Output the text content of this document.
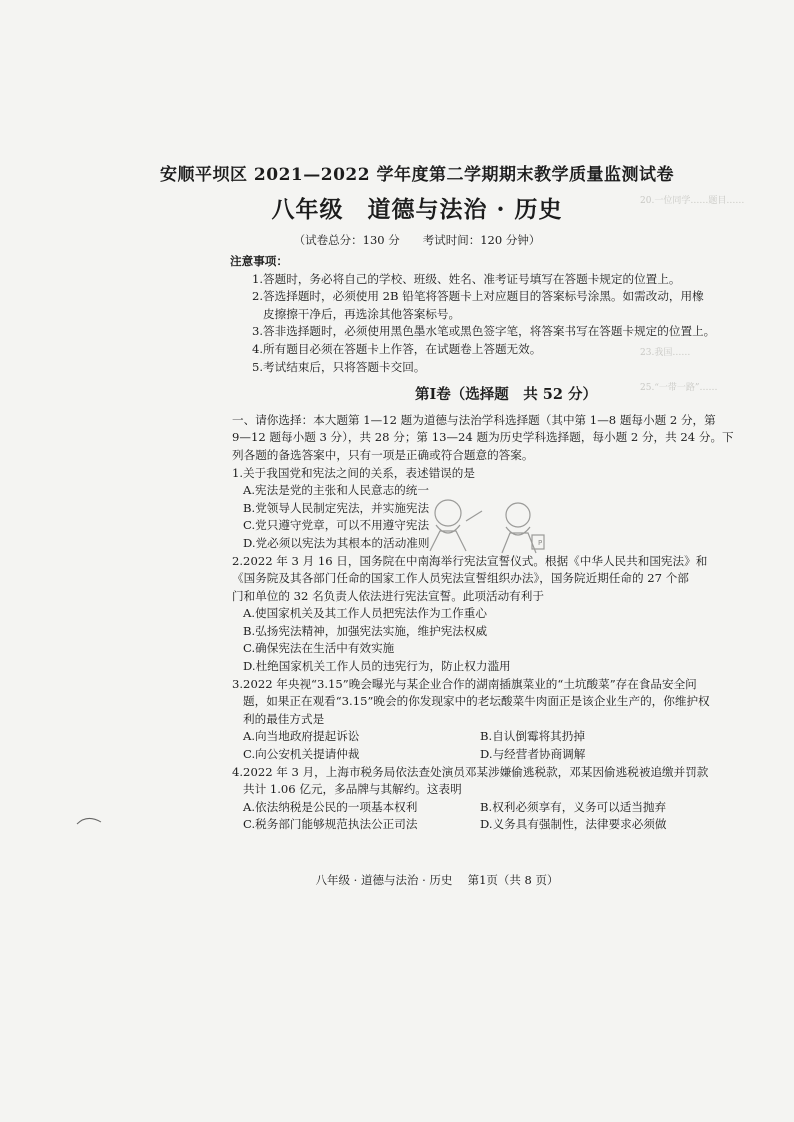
安顺平坝区 2021—2022 学年度第二学期期末教学质量监测试卷
八年级　道德与法治 · 历史
（试卷总分：130 分　　考试时间：120 分钟）
注意事项：
1.答题时，务必将自己的学校、班级、姓名、准考证号填写在答题卡规定的位置上。
2.答选择题时，必须使用 2B 铅笔将答题卡上对应题目的答案标号涂黑。如需改动，用橡
皮擦擦干净后，再选涂其他答案标号。
3.答非选择题时，必须使用黑色墨水笔或黑色签字笔，将答案书写在答题卡规定的位置上。
4.所有题目必须在答题卡上作答，在试题卷上答题无效。
5.考试结束后，只将答题卡交回。
第Ⅰ卷（选择题　共 52 分）
一、请你选择：本大题第 1—12 题为道德与法治学科选择题（其中第 1—8 题每小题 2 分，第
9—12 题每小题 3 分），共 28 分；第 13—24 题为历史学科选择题，每小题 2 分，共 24 分。下
列各题的备选答案中，只有一项是正确或符合题意的答案。
1.关于我国党和宪法之间的关系，表述错误的是
A.宪法是党的主张和人民意志的统一
B.党领导人民制定宪法，并实施宪法
C.党只遵守党章，可以不用遵守宪法
D.党必须以宪法为其根本的活动准则
2.2022 年 3 月 16 日，国务院在中南海举行宪法宣誓仪式。根据《中华人民共和国宪法》和
《国务院及其各部门任命的国家工作人员宪法宣誓组织办法》，国务院近期任命的 27 个部
门和单位的 32 名负责人依法进行宪法宣誓。此项活动有利于
A.使国家机关及其工作人员把宪法作为工作重心
B.弘扬宪法精神，加强宪法实施，维护宪法权威
C.确保宪法在生活中有效实施
D.杜绝国家机关工作人员的违宪行为，防止权力滥用
3.2022 年央视“3.15”晚会曝光与某企业合作的湖南插旗菜业的“土坑酸菜”存在食品安全问
题，如果正在观看“3.15”晚会的你发现家中的老坛酸菜牛肉面正是该企业生产的，你维护权
利的最佳方式是
A.向当地政府提起诉讼	B.自认倒霉将其扔掉
C.向公安机关提请仲裁	D.与经营者协商调解
4.2022 年 3 月，上海市税务局依法查处演员邓某涉嫌偷逃税款，邓某因偷逃税被追缴并罚款
共计 1.06 亿元，多品牌与其解约。这表明
A.依法纳税是公民的一项基本权利	B.权利必须享有，义务可以适当抛弃
C.税务部门能够规范执法公正司法	D.义务具有强制性，法律要求必须做
P
八年级 · 道德与法治 · 历史　 第1页（共 8 页）
20.一位同学……题目……
23.我国……
25.“一带一路”……
